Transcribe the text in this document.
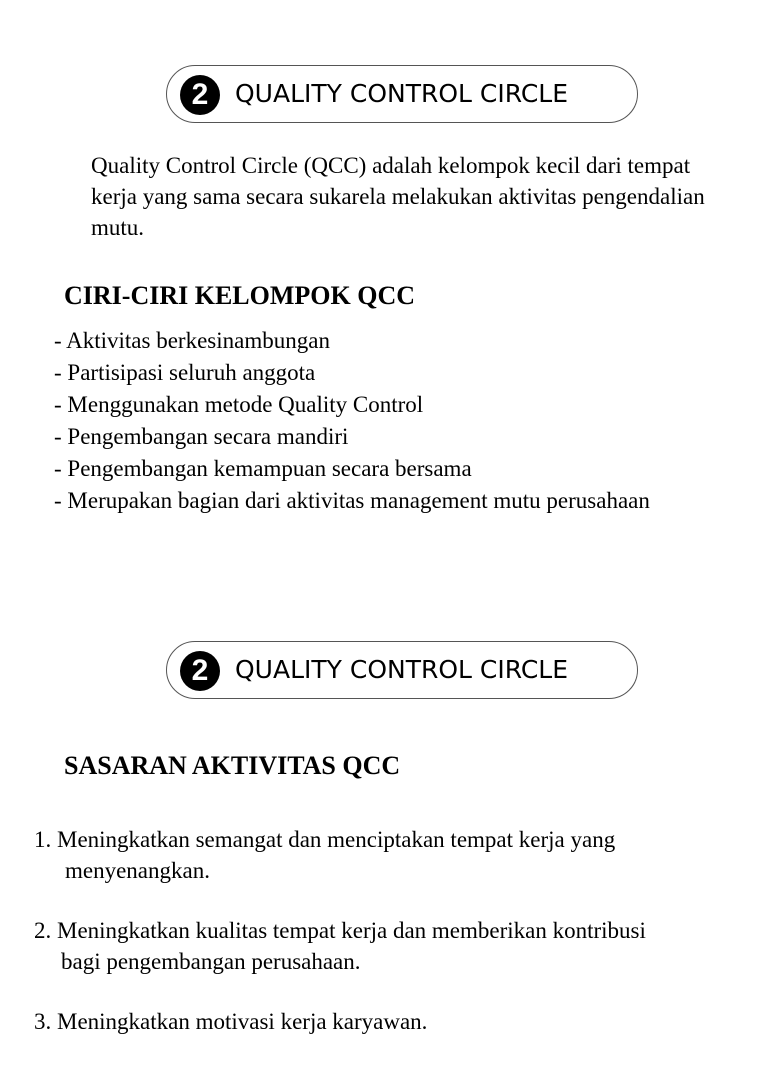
2	QUALITY CONTROL CIRCLE

Quality Control Circle (QCC) adalah kelompok kecil dari tempat kerja yang sama secara sukarela melakukan aktivitas pengendalian mutu.

CIRI-CIRI KELOMPOK QCC
- Aktivitas berkesinambungan
- Partisipasi seluruh anggota
- Menggunakan metode Quality Control
- Pengembangan secara mandiri
- Pengembangan kemampuan secara bersama
- Merupakan bagian dari aktivitas management mutu perusahaan
2	QUALITY CONTROL CIRCLE
SASARAN AKTIVITAS QCC
1. Meningkatkan semangat dan menciptakan tempat kerja yang
menyenangkan.
2. Meningkatkan kualitas tempat kerja dan memberikan kontribusi
bagi pengembangan perusahaan.
3. Meningkatkan motivasi kerja karyawan.
